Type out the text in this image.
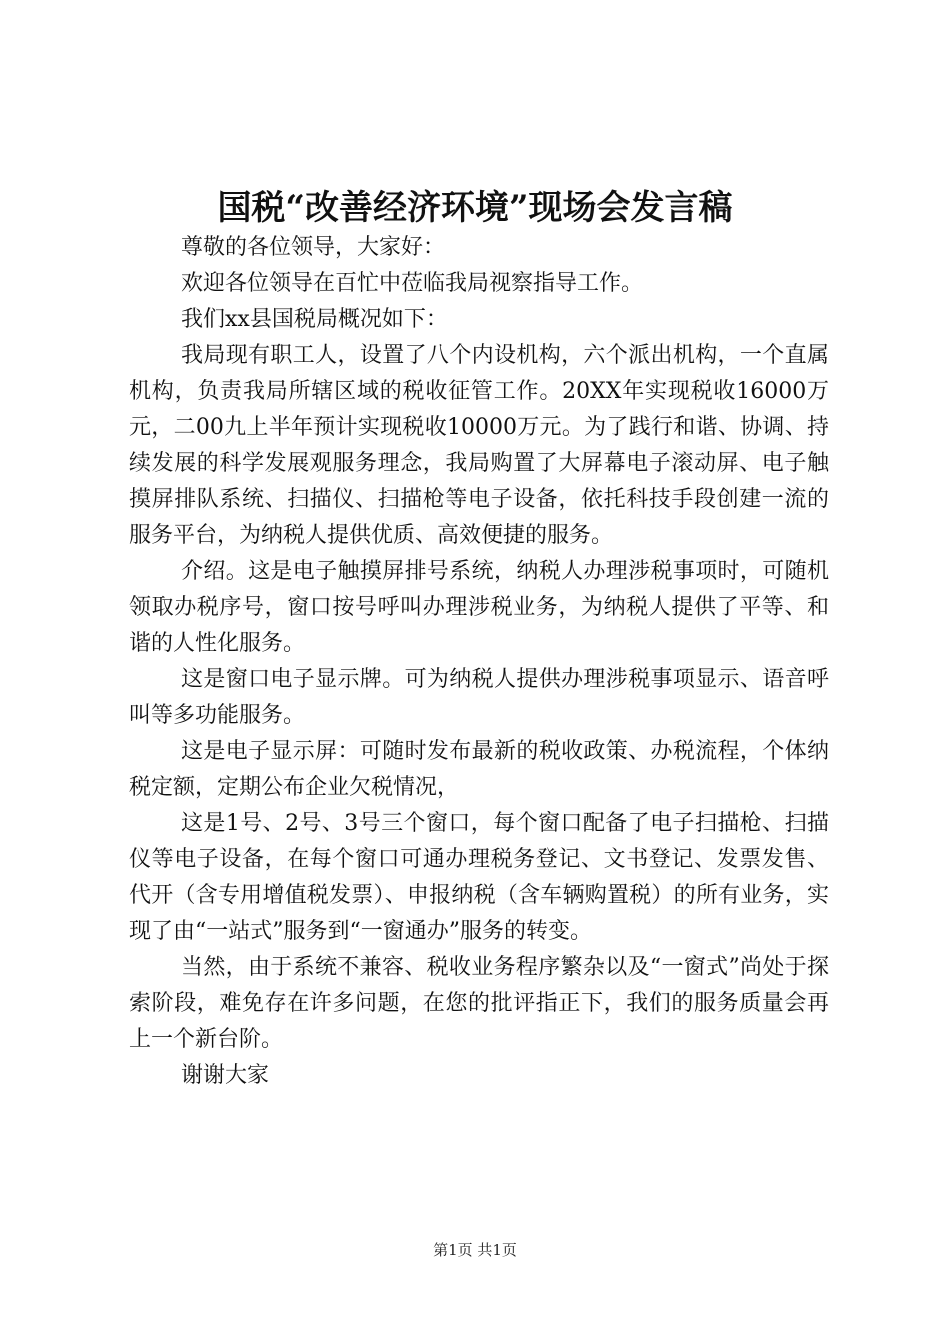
国税“改善经济环境”现场会发言稿

尊敬的各位领导，大家好：

欢迎各位领导在百忙中莅临我局视察指导工作。

我们xx县国税局概况如下：

我局现有职工人，设置了八个内设机构，六个派出机构，一个直属机构，负责我局所辖区域的税收征管工作。20XX年实现税收16000万元，二00九上半年预计实现税收10000万元。为了践行和谐、协调、持续发展的科学发展观服务理念，我局购置了大屏幕电子滚动屏、电子触摸屏排队系统、扫描仪、扫描枪等电子设备，依托科技手段创建一流的服务平台，为纳税人提供优质、高效便捷的服务。

介绍。这是电子触摸屏排号系统，纳税人办理涉税事项时，可随机领取办税序号，窗口按号呼叫办理涉税业务，为纳税人提供了平等、和谐的人性化服务。

这是窗口电子显示牌。可为纳税人提供办理涉税事项显示、语音呼叫等多功能服务。

这是电子显示屏：可随时发布最新的税收政策、办税流程，个体纳税定额，定期公布企业欠税情况，

这是1号、2号、3号三个窗口，每个窗口配备了电子扫描枪、扫描仪等电子设备，在每个窗口可通办理税务登记、文书登记、发票发售、代开（含专用增值税发票）、申报纳税（含车辆购置税）的所有业务，实现了由“一站式”服务到“一窗通办”服务的转变。

当然，由于系统不兼容、税收业务程序繁杂以及“一窗式”尚处于探索阶段，难免存在许多问题，在您的批评指正下，我们的服务质量会再上一个新台阶。

谢谢大家

第1页 共1页
